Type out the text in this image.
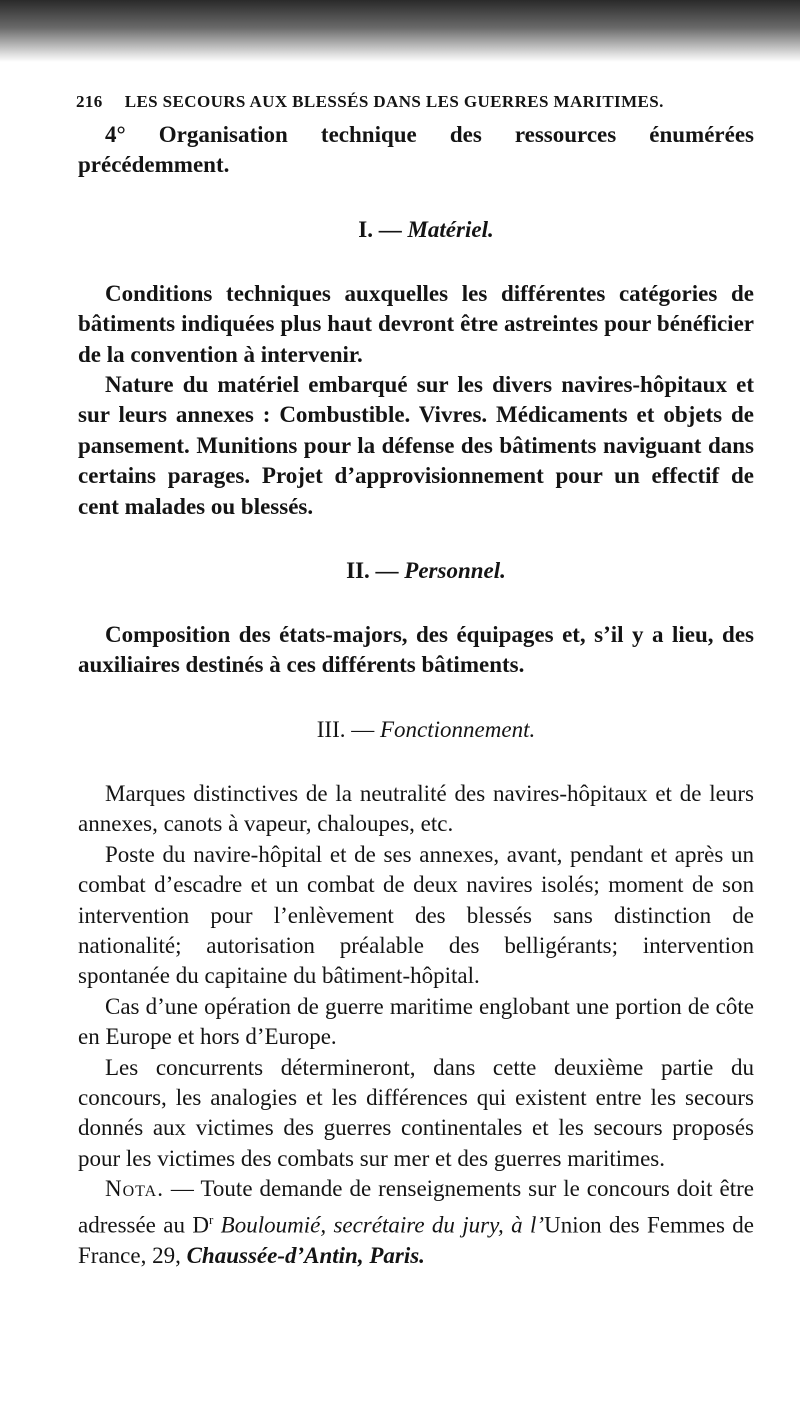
216 LES SECOURS AUX BLESSÉS DANS LES GUERRES MARITIMES.

4° Organisation technique des ressources énumérées précédemment.

I. — Matériel.

Conditions techniques auxquelles les différentes catégories de bâtiments indiquées plus haut devront être astreintes pour bénéficier de la convention à intervenir.

Nature du matériel embarqué sur les divers navires-hôpitaux et sur leurs annexes : Combustible. Vivres. Médicaments et objets de pansement. Munitions pour la défense des bâtiments naviguant dans certains parages. Projet d’approvisionnement pour un effectif de cent malades ou blessés.

II. — Personnel.

Composition des états-majors, des équipages et, s’il y a lieu, des auxiliaires destinés à ces différents bâtiments.

III. — Fonctionnement.

Marques distinctives de la neutralité des navires-hôpitaux et de leurs annexes, canots à vapeur, chaloupes, etc.

Poste du navire-hôpital et de ses annexes, avant, pendant et après un combat d’escadre et un combat de deux navires isolés; moment de son intervention pour l’enlèvement des blessés sans distinction de nationalité; autorisation préalable des belligérants; intervention spontanée du capitaine du bâtiment-hôpital.

Cas d’une opération de guerre maritime englobant une portion de côte en Europe et hors d’Europe.

Les concurrents détermineront, dans cette deuxième partie du concours, les analogies et les différences qui existent entre les secours donnés aux victimes des guerres continentales et les secours proposés pour les victimes des combats sur mer et des guerres maritimes.

Nota. — Toute demande de renseignements sur le concours doit être adressée au $D^r$ Bouloumié, secrétaire du jury, à l’Union des Femmes de France, 29, Chaussée-d’Antin, Paris.
